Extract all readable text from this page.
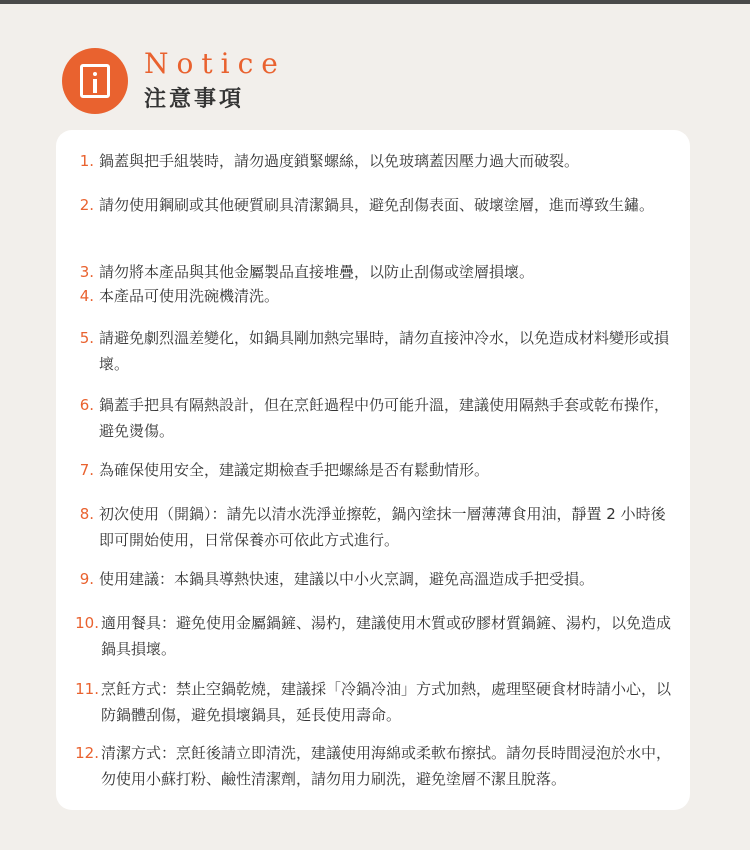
Notice
注意事項
1. 鍋蓋與把手組裝時，請勿過度鎖緊螺絲，以免玻璃蓋因壓力過大而破裂。
2. 請勿使用鋼刷或其他硬質刷具清潔鍋具，避免刮傷表面、破壞塗層，進而導致生鏽。
3. 請勿將本產品與其他金屬製品直接堆疊，以防止刮傷或塗層損壞。
4. 本產品可使用洗碗機清洗。
5. 請避免劇烈溫差變化，如鍋具剛加熱完畢時，請勿直接沖冷水，以免造成材料變形或損壞。
6. 鍋蓋手把具有隔熱設計，但在烹飪過程中仍可能升溫，建議使用隔熱手套或乾布操作，避免燙傷。
7. 為確保使用安全，建議定期檢查手把螺絲是否有鬆動情形。
8. 初次使用（開鍋）：請先以清水洗淨並擦乾，鍋內塗抹一層薄薄食用油，靜置 2 小時後即可開始使用，日常保養亦可依此方式進行。
9. 使用建議：本鍋具導熱快速，建議以中小火烹調，避免高溫造成手把受損。
10. 適用餐具：避免使用金屬鍋鏟、湯杓，建議使用木質或矽膠材質鍋鏟、湯杓，以免造成鍋具損壞。
11. 烹飪方式：禁止空鍋乾燒，建議採「冷鍋冷油」方式加熱，處理堅硬食材時請小心，以防鍋體刮傷，避免損壞鍋具，延長使用壽命。
12. 清潔方式：烹飪後請立即清洗，建議使用海綿或柔軟布擦拭。請勿長時間浸泡於水中，勿使用小蘇打粉、鹼性清潔劑，請勿用力刷洗，避免塗層不潔且脫落。
